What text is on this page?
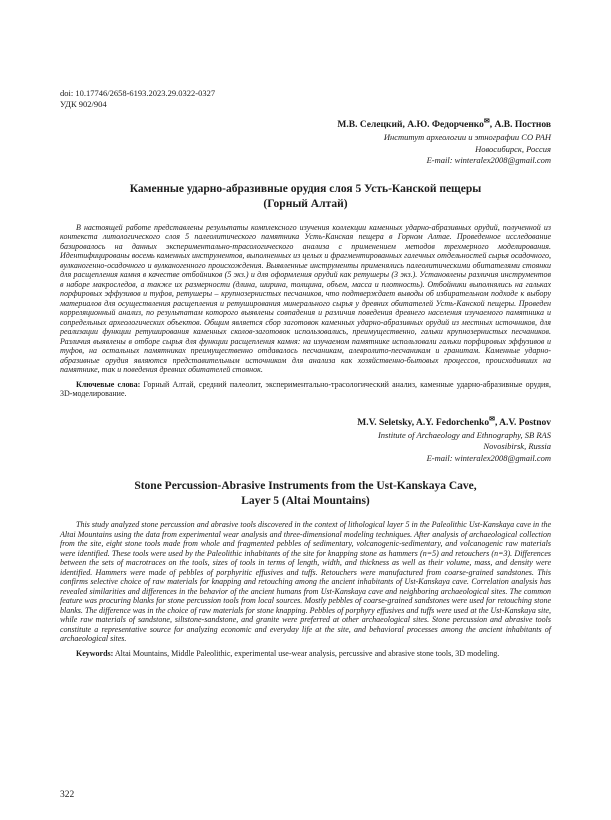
doi: 10.17746/2658-6193.2023.29.0322-0327
УДК 902/904
М.В. Селецкий, А.Ю. Федорченко✉, А.В. Постнов
Институт археологии и этнографии СО РАН
Новосибирск, Россия
E-mail: winteralex2008@gmail.com
Каменные ударно-абразивные орудия слоя 5 Усть-Канской пещеры
(Горный Алтай)

В настоящей работе представлены результаты комплексного изучения коллекции каменных ударно-абразивных орудий, полученной из контекста литологического слоя 5 палеолитического памятника Усть-Канская пещера в Горном Алтае. Проведенное исследование базировалось на данных экспериментально-трасологического анализа с применением методов трехмерного моделирования. Идентифицированы восемь каменных инструментов, выполненных из целых и фрагментированных галечных отдельностей сырья осадочного, вулканогенно-осадочного и вулканогенного происхождения. Выявленные инструменты применялись палеолитическими обитателями стоянки для расщепления камня в качестве отбойников (5 экз.) и для оформления орудий как ретушеры (3 экз.). Установлены различия инструментов в наборе макроследов, а также их размерности (длина, ширина, толщина, объем, масса и плотность). Отбойники выполнялись на гальках порфировых эффузивов и туфов, ретушеры – крупнозернистых песчаников, что подтверждает выводы об избирательном подходе к выбору материалов для осуществления расщепления и ретуширования минерального сырья у древних обитателей Усть-Канской пещеры. Проведен корреляционный анализ, по результатам которого выявлены совпадения и различия поведения древнего населения изучаемого памятника и сопредельных археологических объектов. Общим является сбор заготовок каменных ударно-абразивных орудий из местных источников, для реализации функции ретуширования каменных сколов-заготовок использовались, преимущественно, гальки крупнозернистых песчаников. Различия выявлены в отборе сырья для функции расщепления камня: на изучаемом памятнике использовали гальки порфировых эффузивов и туфов, на остальных памятниках преимущественно отдавалось песчаникам, алевролито-песчаникам и гранитам. Каменные ударно-абразивные орудия являются представительным источником для анализа как хозяйственно-бытовых процессов, происходивших на памятнике, так и поведения древних обитателей стоянок.

Ключевые слова: Горный Алтай, средний палеолит, экспериментально-трасологический анализ, каменные ударно-абразивные орудия, 3D-моделирование.

M.V. Seletsky, A.Y. Fedorchenko✉, A.V. Postnov
Institute of Archaeology and Ethnography, SB RAS
Novosibirsk, Russia
E-mail: winteralex2008@gmail.com
Stone Percussion-Abrasive Instruments from the Ust-Kanskaya Cave,
Layer 5 (Altai Mountains)

This study analyzed stone percussion and abrasive tools discovered in the context of lithological layer 5 in the Paleolithic Ust-Kanskaya cave in the Altai Mountains using the data from experimental wear analysis and three-dimensional modeling techniques. After analysis of archaeological collection from the site, eight stone tools made from whole and fragmented pebbles of sedimentary, volcanogenic-sedimentary, and volcanogenic raw materials were identified. These tools were used by the Paleolithic inhabitants of the site for knapping stone as hammers (n=5) and retouchers (n=3). Differences between the sets of macrotraces on the tools, sizes of tools in terms of length, width, and thickness as well as their volume, mass, and density were identified. Hammers were made of pebbles of porphyritic effusives and tuffs. Retouchers were manufactured from coarse-grained sandstones. This confirms selective choice of raw materials for knapping and retouching among the ancient inhabitants of Ust-Kanskaya cave. Correlation analysis has revealed similarities and differences in the behavior of the ancient humans from Ust-Kanskaya cave and neighboring archaeological sites. The common feature was procuring blanks for stone percussion tools from local sources. Mostly pebbles of coarse-grained sandstones were used for retouching stone blanks. The difference was in the choice of raw materials for stone knapping. Pebbles of porphyry effusives and tuffs were used at the Ust-Kanskaya site, while raw materials of sandstone, siltstone-sandstone, and granite were preferred at other archaeological sites. Stone percussion and abrasive tools constitute a representative source for analyzing economic and everyday life at the site, and behavioral processes among the ancient inhabitants of archaeological sites.

Keywords: Altai Mountains, Middle Paleolithic, experimental use-wear analysis, percussive and abrasive stone tools, 3D modeling.

322
